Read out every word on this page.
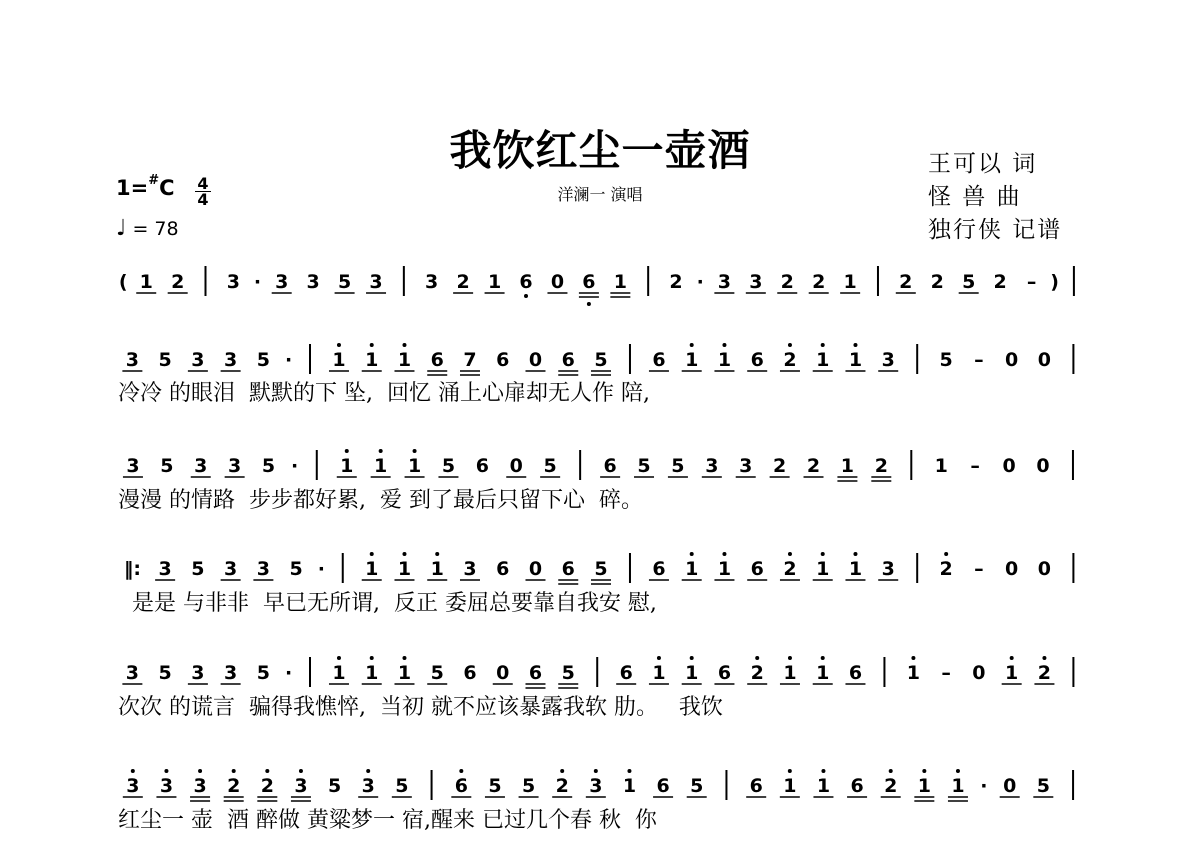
我饮红尘一壶酒
洋澜一 演唱
王可以 词
怪 兽 曲
独行侠 记谱
1=#C 4
4
♩ = 78
( 1 2 3 · 3 3 5 3 3 2 1 6 0 6 1 2 · 3 3 2 2 1 2 2 5 2 – )
3 5 3 3 5 · 1 1 1 6 7 6 0 6 5 6 1 1 6 2 1 1 3 5 – 0 0
冷冷 的眼泪  默默的下 坠,  回忆 涌上心扉却无人作 陪,
3 5 3 3 5 · 1 1 1 5 6 0 5 6 5 5 3 3 2 2 1 2 1 – 0 0
漫漫 的情路  步步都好累,  爱 到了最后只留下心  碎。
‖: 3 5 3 3 5 · 1 1 1 3 6 0 6 5 6 1 1 6 2 1 1 3 2 – 0 0
是是 与非非  早已无所谓,  反正 委屈总要靠自我安 慰,
3 5 3 3 5 · 1 1 1 5 6 0 6 5 6 1 1 6 2 1 1 6 1 – 0 1 2
次次 的谎言  骗得我憔悴,  当初 就不应该暴露我软 肋。   我饮
3 3 3 2 2 3 5 3 5 6 5 5 2 3 1 6 5 6 1 1 6 2 1 1 · 0 5
红尘一 壶  酒 醉做 黄粱梦一 宿,醒来 已过几个春 秋  你
